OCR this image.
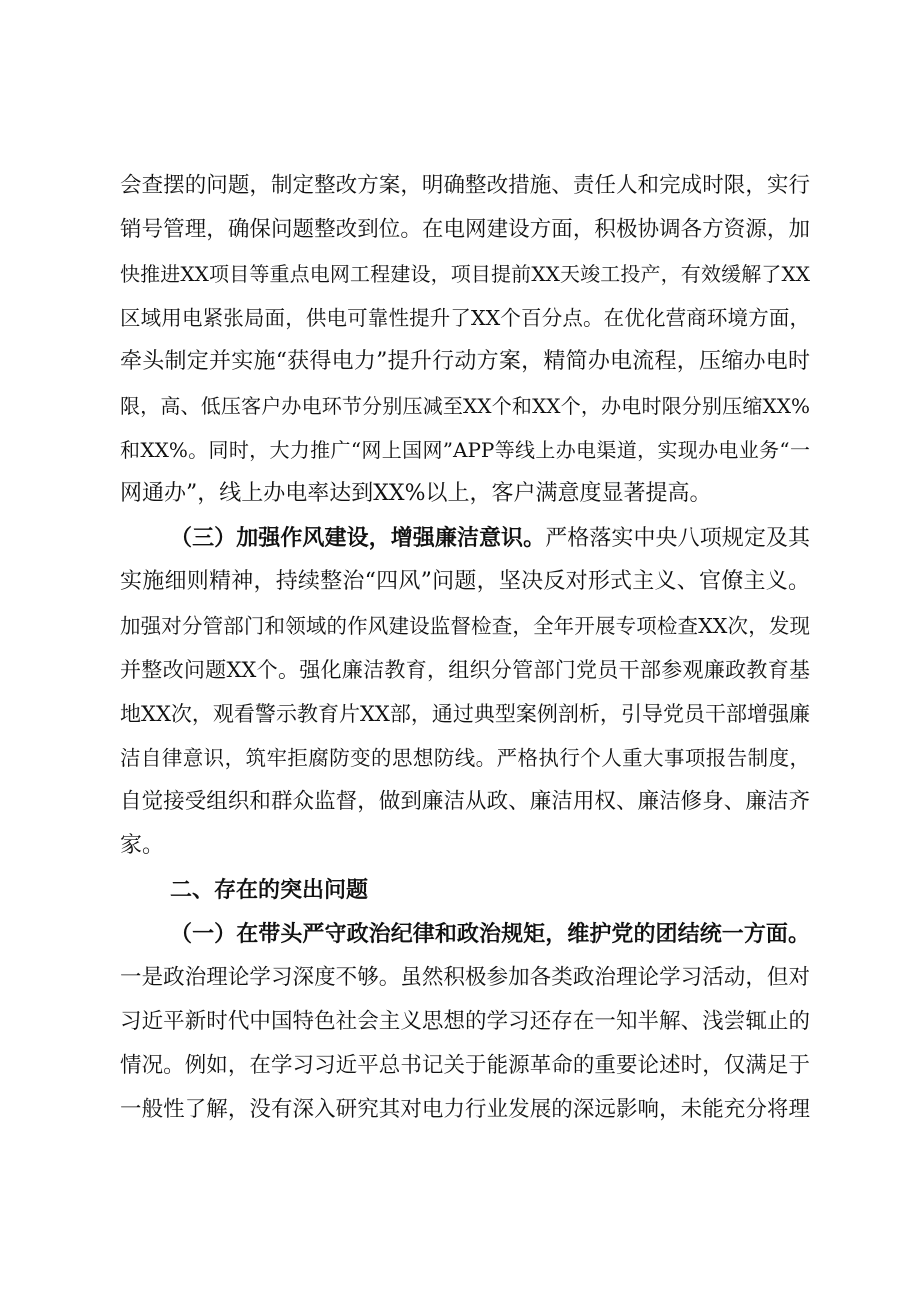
会查摆的问题，制定整改方案，明确整改措施、责任人和完成时限，实行
销号管理，确保问题整改到位。在电网建设方面，积极协调各方资源，加
快推进XX项目等重点电网工程建设，项目提前XX天竣工投产，有效缓解了XX
区域用电紧张局面，供电可靠性提升了XX个百分点。在优化营商环境方面，
牵头制定并实施“获得电力”提升行动方案，精简办电流程，压缩办电时
限，高、低压客户办电环节分别压减至XX个和XX个，办电时限分别压缩XX%
和XX%。同时，大力推广“网上国网”APP等线上办电渠道，实现办电业务“一
网通办”，线上办电率达到XX%以上，客户满意度显著提高。
（三）加强作风建设，增强廉洁意识。严格落实中央八项规定及其
实施细则精神，持续整治“四风”问题，坚决反对形式主义、官僚主义。
加强对分管部门和领域的作风建设监督检查，全年开展专项检查XX次，发现
并整改问题XX个。强化廉洁教育，组织分管部门党员干部参观廉政教育基
地XX次，观看警示教育片XX部，通过典型案例剖析，引导党员干部增强廉
洁自律意识，筑牢拒腐防变的思想防线。严格执行个人重大事项报告制度，
自觉接受组织和群众监督，做到廉洁从政、廉洁用权、廉洁修身、廉洁齐
家。
二、存在的突出问题
（一）在带头严守政治纪律和政治规矩，维护党的团结统一方面。
一是政治理论学习深度不够。虽然积极参加各类政治理论学习活动，但对
习近平新时代中国特色社会主义思想的学习还存在一知半解、浅尝辄止的
情况。例如，在学习习近平总书记关于能源革命的重要论述时，仅满足于
一般性了解，没有深入研究其对电力行业发展的深远影响，未能充分将理
